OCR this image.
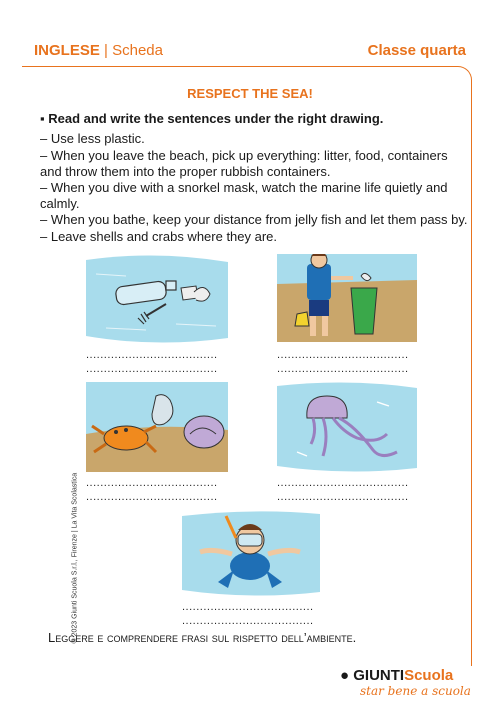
INGLESE | Scheda	Classe quarta
RESPECT THE SEA!
▪ Read and write the sentences under the right drawing.
– Use less plastic.
– When you leave the beach, pick up everything: litter, food, containers and throw them into the proper rubbish containers.
– When you dive with a snorkel mask, watch the marine life quietly and calmly.
– When you bathe, keep your distance from jelly fish and let them pass by.
– Leave shells and crabs where they are.
.....................................
.....................................
.....................................
.....................................
.....................................
.....................................
.....................................
.....................................
.....................................
.....................................
Leggere e comprendere frasi sul rispetto dell’ambiente.
© 2023 Giunti Scuola S.r.l., Firenze | La Vita Scolastica
● GIUNTIScuola
star bene a scuola
